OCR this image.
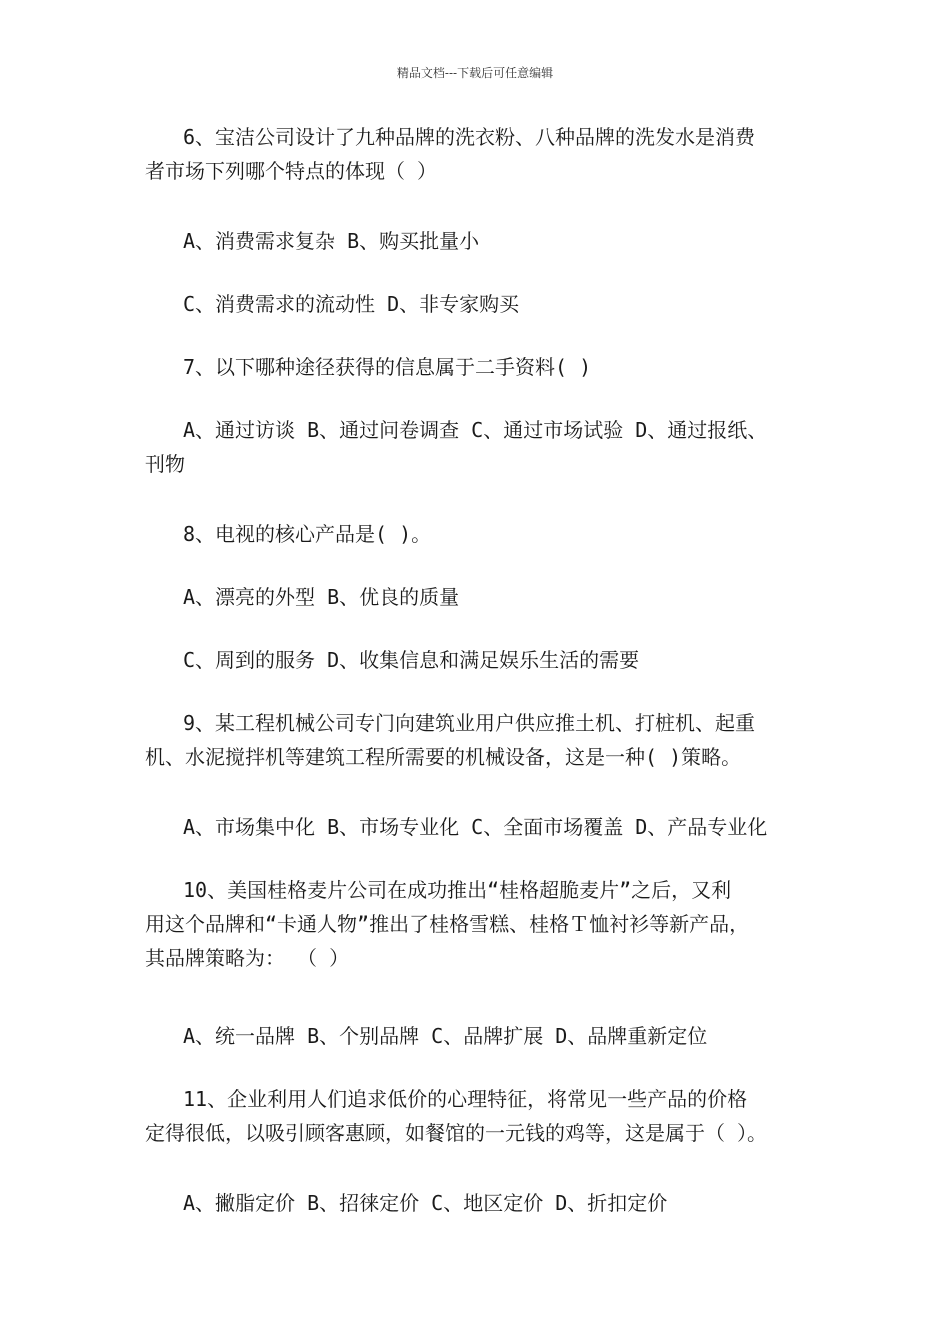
精品文档---下载后可任意编辑
6、宝洁公司设计了九种品牌的洗衣粉、八种品牌的洗发水是消费
者市场下列哪个特点的体现（ ）
A、消费需求复杂 B、购买批量小
C、消费需求的流动性 D、非专家购买
7、以下哪种途径获得的信息属于二手资料( )
A、通过访谈 B、通过问卷调查 C、通过市场试验 D、通过报纸、
刊物
8、电视的核心产品是( )。
A、漂亮的外型 B、优良的质量
C、周到的服务 D、收集信息和满足娱乐生活的需要
9、某工程机械公司专门向建筑业用户供应推土机、打桩机、起重
机、水泥搅拌机等建筑工程所需要的机械设备，这是一种( )策略。
A、市场集中化 B、市场专业化 C、全面市场覆盖 D、产品专业化
10、美国桂格麦片公司在成功推出“桂格超脆麦片”之后，又利
用这个品牌和“卡通人物”推出了桂格雪糕、桂格Ｔ恤衬衫等新产品，
其品牌策略为： （ ）
A、统一品牌 B、个别品牌 C、品牌扩展 D、品牌重新定位
11、企业利用人们追求低价的心理特征，将常见一些产品的价格
定得很低，以吸引顾客惠顾，如餐馆的一元钱的鸡等，这是属于（ ）。
A、撇脂定价 B、招徕定价 C、地区定价 D、折扣定价
